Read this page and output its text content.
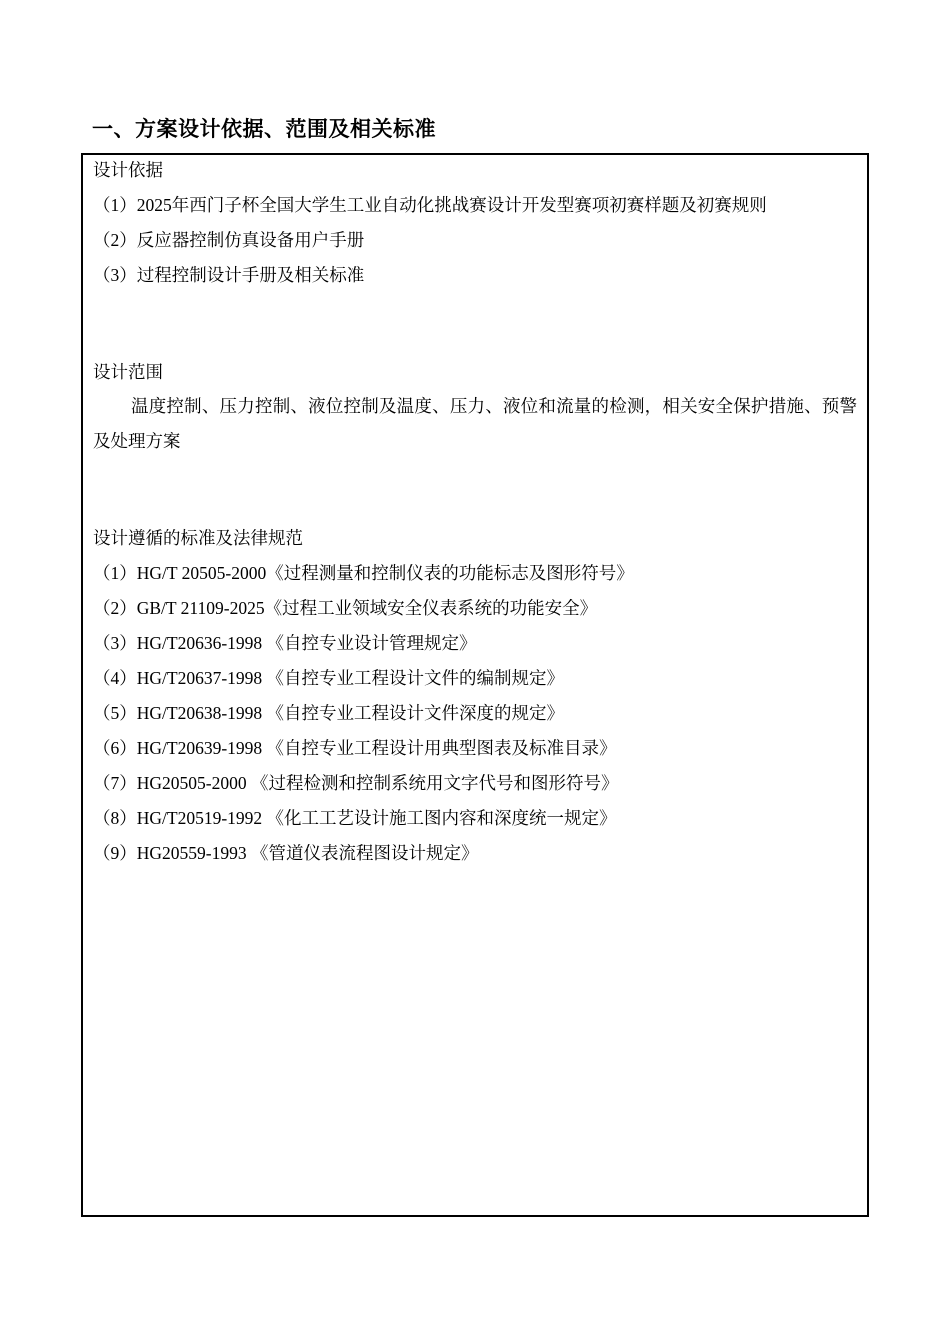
一、方案设计依据、范围及相关标准

设计依据

（1）2025年西门子杯全国大学生工业自动化挑战赛设计开发型赛项初赛样题及初赛规则

（2）反应器控制仿真设备用户手册

（3）过程控制设计手册及相关标准

设计范围

温度控制、压力控制、液位控制及温度、压力、液位和流量的检测，相关安全保护措施、预警及处理方案

设计遵循的标准及法律规范

（1）HG/T 20505-2000《过程测量和控制仪表的功能标志及图形符号》

（2）GB/T 21109-2025《过程工业领域安全仪表系统的功能安全》

（3）HG/T20636-1998 《自控专业设计管理规定》

（4）HG/T20637-1998 《自控专业工程设计文件的编制规定》

（5）HG/T20638-1998 《自控专业工程设计文件深度的规定》

（6）HG/T20639-1998 《自控专业工程设计用典型图表及标准目录》

（7）HG20505-2000 《过程检测和控制系统用文字代号和图形符号》

（8）HG/T20519-1992 《化工工艺设计施工图内容和深度统一规定》

（9）HG20559-1993 《管道仪表流程图设计规定》
